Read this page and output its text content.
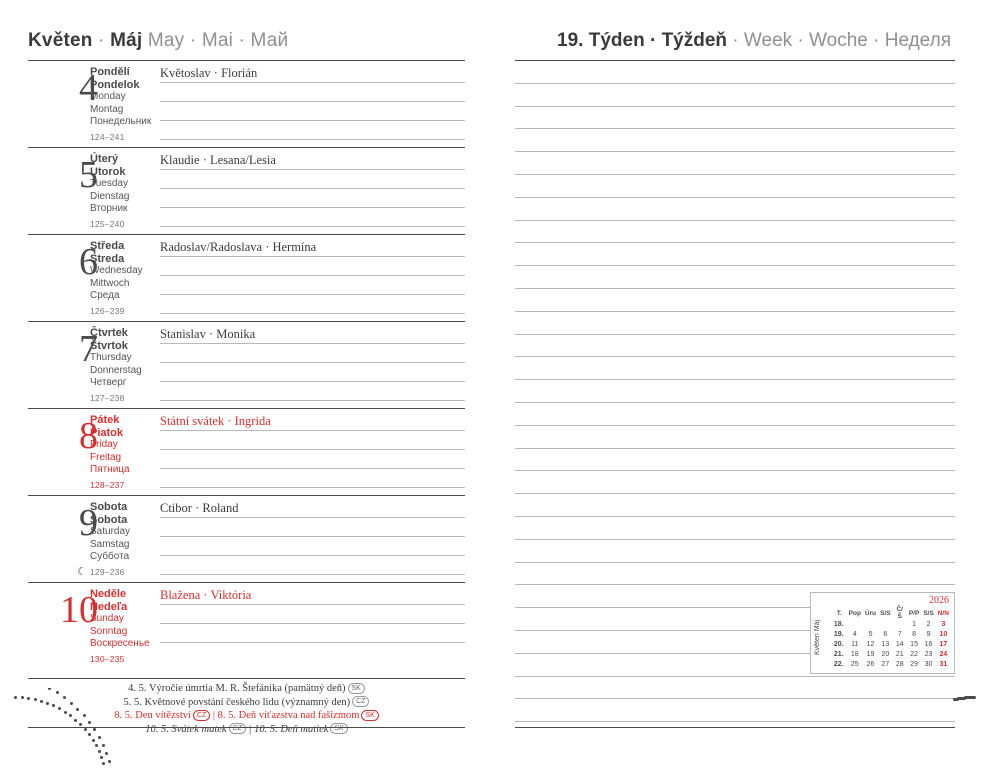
Květen · Máj May · Mai · Май
4
Pondělí
Pondelok
Monday
Montag
Понедельник
124–241
Květoslav · Florián
5
Úterý
Utorok
Tuesday
Dienstag
Вторник
125–240
Klaudie · Lesana/Lesia
6
Středa
Streda
Wednesday
Mittwoch
Среда
126–239
Radoslav/Radoslava · Hermína
7
Čtvrtek
Štvrtok
Thursday
Donnerstag
Четверг
127–238
Stanislav · Monika
8
Pátek
Piatok
Friday
Freitag
Пятница
128–237
Státní svátek · Ingrida
9
Sobota
Sobota
Saturday
Samstag
Суббота
☾ 129–236
Ctibor · Roland
10
Neděle
Nedeľa
Sunday
Sonntag
Воскресенье
130–235
Blažena · Viktória
4. 5. Výročie úmrtia M. R. Štefánika (pamätný deň) SK
5. 5. Květnové povstání českého lidu (významný den) CZ
8. 5. Den vítězství CZ | 8. 5. Deň víťazstva nad fašizmom SK
10. 5. Svátek matek CZ | 10. 5. Deň matiek SK
19. Týden · Týždeň · Week · Woche · Неделя
2026
Květen Máj
T.	Pop	Úru	S/S	Č/Š	P/P	S/S	N/N
18.					1	2	3
19.	4	5	6	7	8	9	10
20.	11	12	13	14	15	16	17
21.	18	19	20	21	22	23	24
22.	25	26	27	28	29	30	31
